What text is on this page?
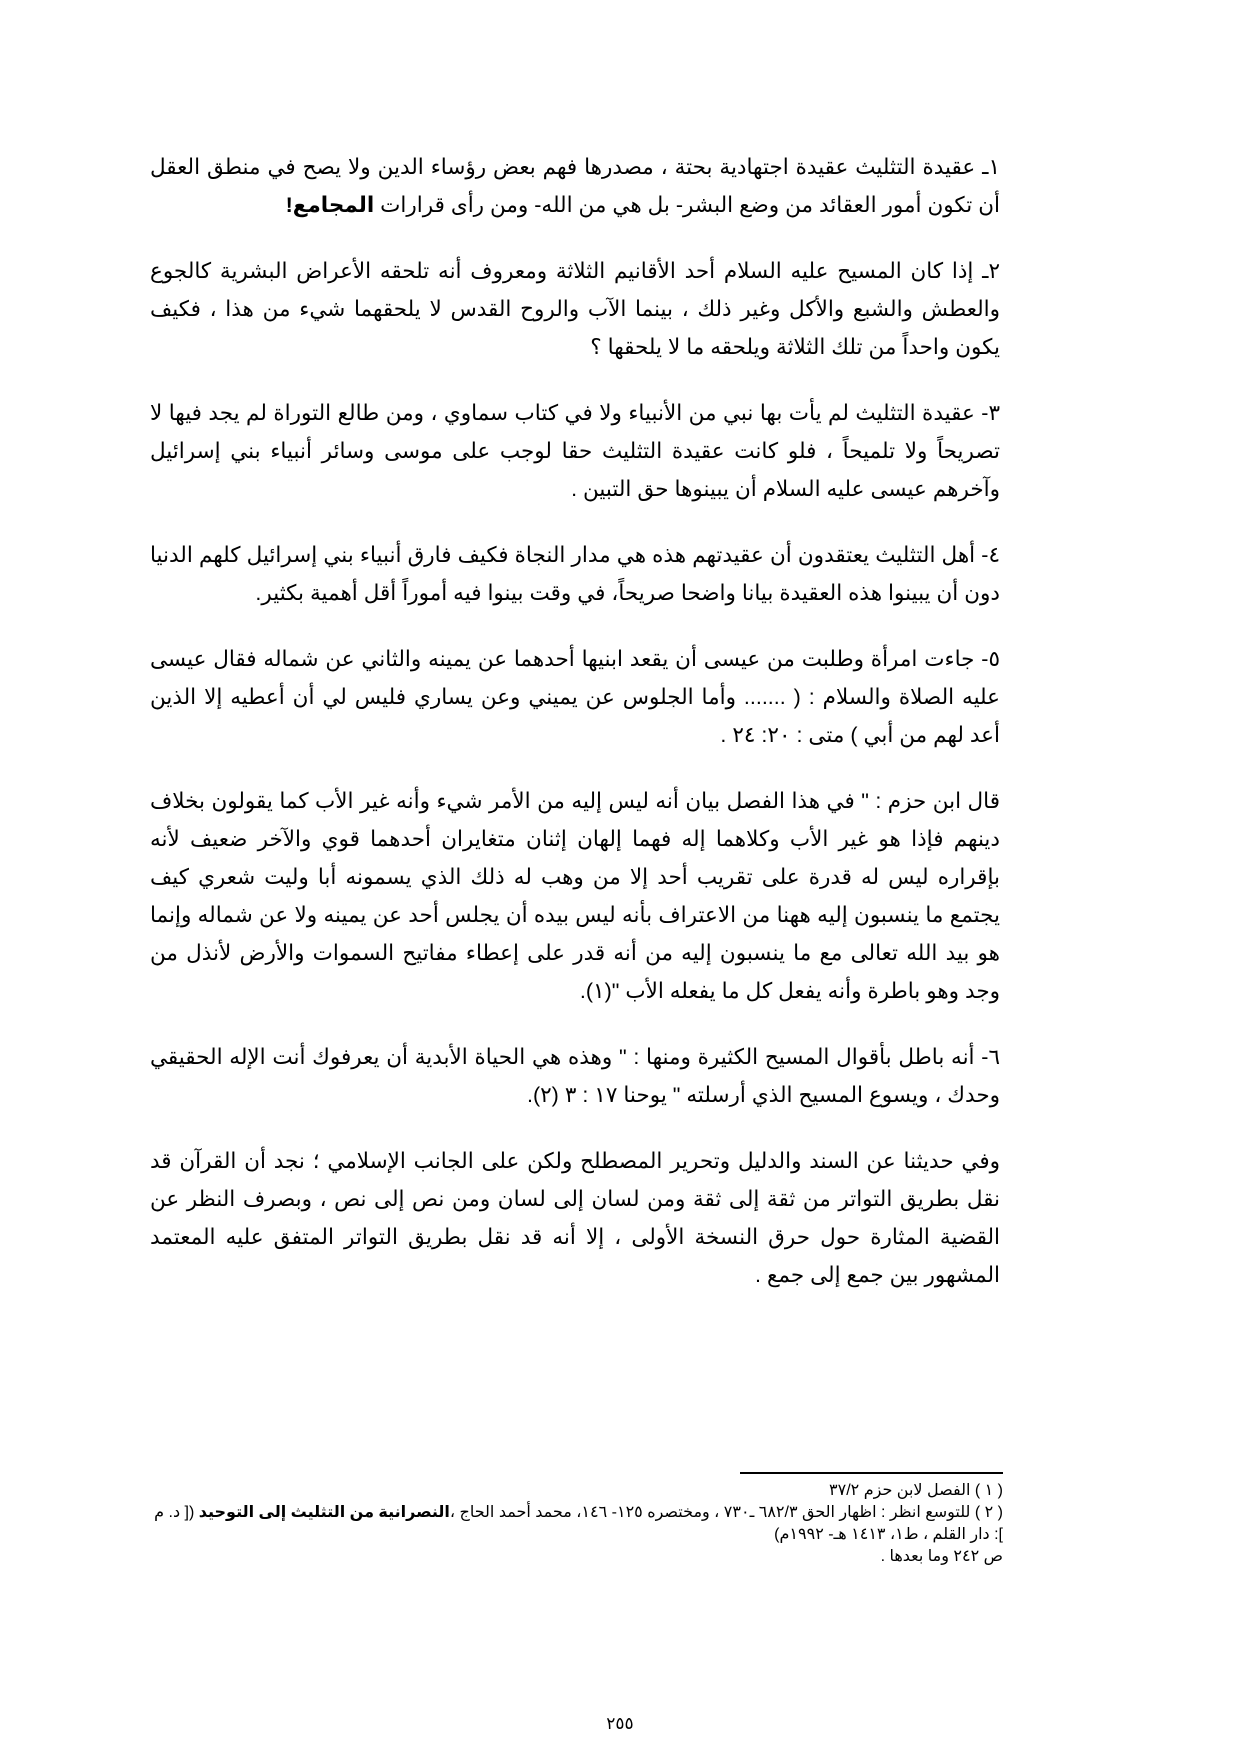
١ـ عقيدة التثليث عقيدة اجتهادية بحتة ، مصدرها فهم بعض رؤساء الدين ولا يصح في منطق العقل أن تكون أمور العقائد من وضع البشر- بل هي من الله- ومن رأى قرارات المجامع!

٢ـ إذا كان المسيح عليه السلام أحد الأقانيم الثلاثة ومعروف أنه تلحقه الأعراض البشرية كالجوع والعطش والشبع والأكل وغير ذلك ، بينما الآب والروح القدس لا يلحقهما شيء من هذا ، فكيف يكون واحداً من تلك الثلاثة ويلحقه ما لا يلحقها ؟

٣- عقيدة التثليث لم يأت بها نبي من الأنبياء ولا في كتاب سماوي ، ومن طالع التوراة لم يجد فيها لا تصريحاً ولا تلميحاً ، فلو كانت عقيدة التثليث حقا لوجب على موسى وسائر أنبياء بني إسرائيل وآخرهم عيسى عليه السلام أن يبينوها حق التبين .

٤- أهل التثليث يعتقدون أن عقيدتهم هذه هي مدار النجاة فكيف فارق أنبياء بني إسرائيل كلهم الدنيا دون أن يبينوا هذه العقيدة بيانا واضحا صريحاً، في وقت بينوا فيه أموراً أقل أهمية بكثير.

٥- جاءت امرأة وطلبت من عيسى أن يقعد ابنيها أحدهما عن يمينه والثاني عن شماله فقال عيسى عليه الصلاة والسلام : ( ....... وأما الجلوس عن يميني وعن يساري فليس لي أن أعطيه إلا الذين أعد لهم من أبي ) متى : ٢٠: ٢٤ .

قال ابن حزم : " في هذا الفصل بيان أنه ليس إليه من الأمر شيء وأنه غير الأب كما يقولون بخلاف دينهم فإذا هو غير الأب وكلاهما إله فهما إلهان إثنان متغايران أحدهما قوي والآخر ضعيف لأنه بإقراره ليس له قدرة على تقريب أحد إلا من وهب له ذلك الذي يسمونه أبا وليت شعري كيف يجتمع ما ينسبون إليه ههنا من الاعتراف بأنه ليس بيده أن يجلس أحد عن يمينه ولا عن شماله وإنما هو بيد الله تعالى مع ما ينسبون إليه من أنه قدر على إعطاء مفاتيح السموات والأرض لأنذل من وجد وهو باطرة وأنه يفعل كل ما يفعله الأب "(١).

٦- أنه باطل بأقوال المسيح الكثيرة ومنها : " وهذه هي الحياة الأبدية أن يعرفوك أنت الإله الحقيقي وحدك ، ويسوع المسيح الذي أرسلته " يوحنا ١٧ : ٣ (٢).

وفي حديثنا عن السند والدليل وتحرير المصطلح ولكن على الجانب الإسلامي ؛ نجد أن القرآن قد نقل بطريق التواتر من ثقة إلى ثقة ومن لسان إلى لسان ومن نص إلى نص ، وبصرف النظر عن القضية المثارة حول حرق النسخة الأولى ، إلا أنه قد نقل بطريق التواتر المتفق عليه المعتمد المشهور بين جمع إلى جمع .

( ١ ) الفصل لابن حزم ٣٧/٢

( ٢ ) للتوسع انظر : اظهار الحق ٦٨٢/٣ ـ٧٣٠ ، ومختصره ١٢٥- ١٤٦، محمد أحمد الحاج ،النصرانية من التثليث إلى التوحيد ([ د. م ]: دار القلم ، ط١، ١٤١٣ هـ- ١٩٩٢م)

ص ٢٤٢ وما بعدها .

٢٥٥
